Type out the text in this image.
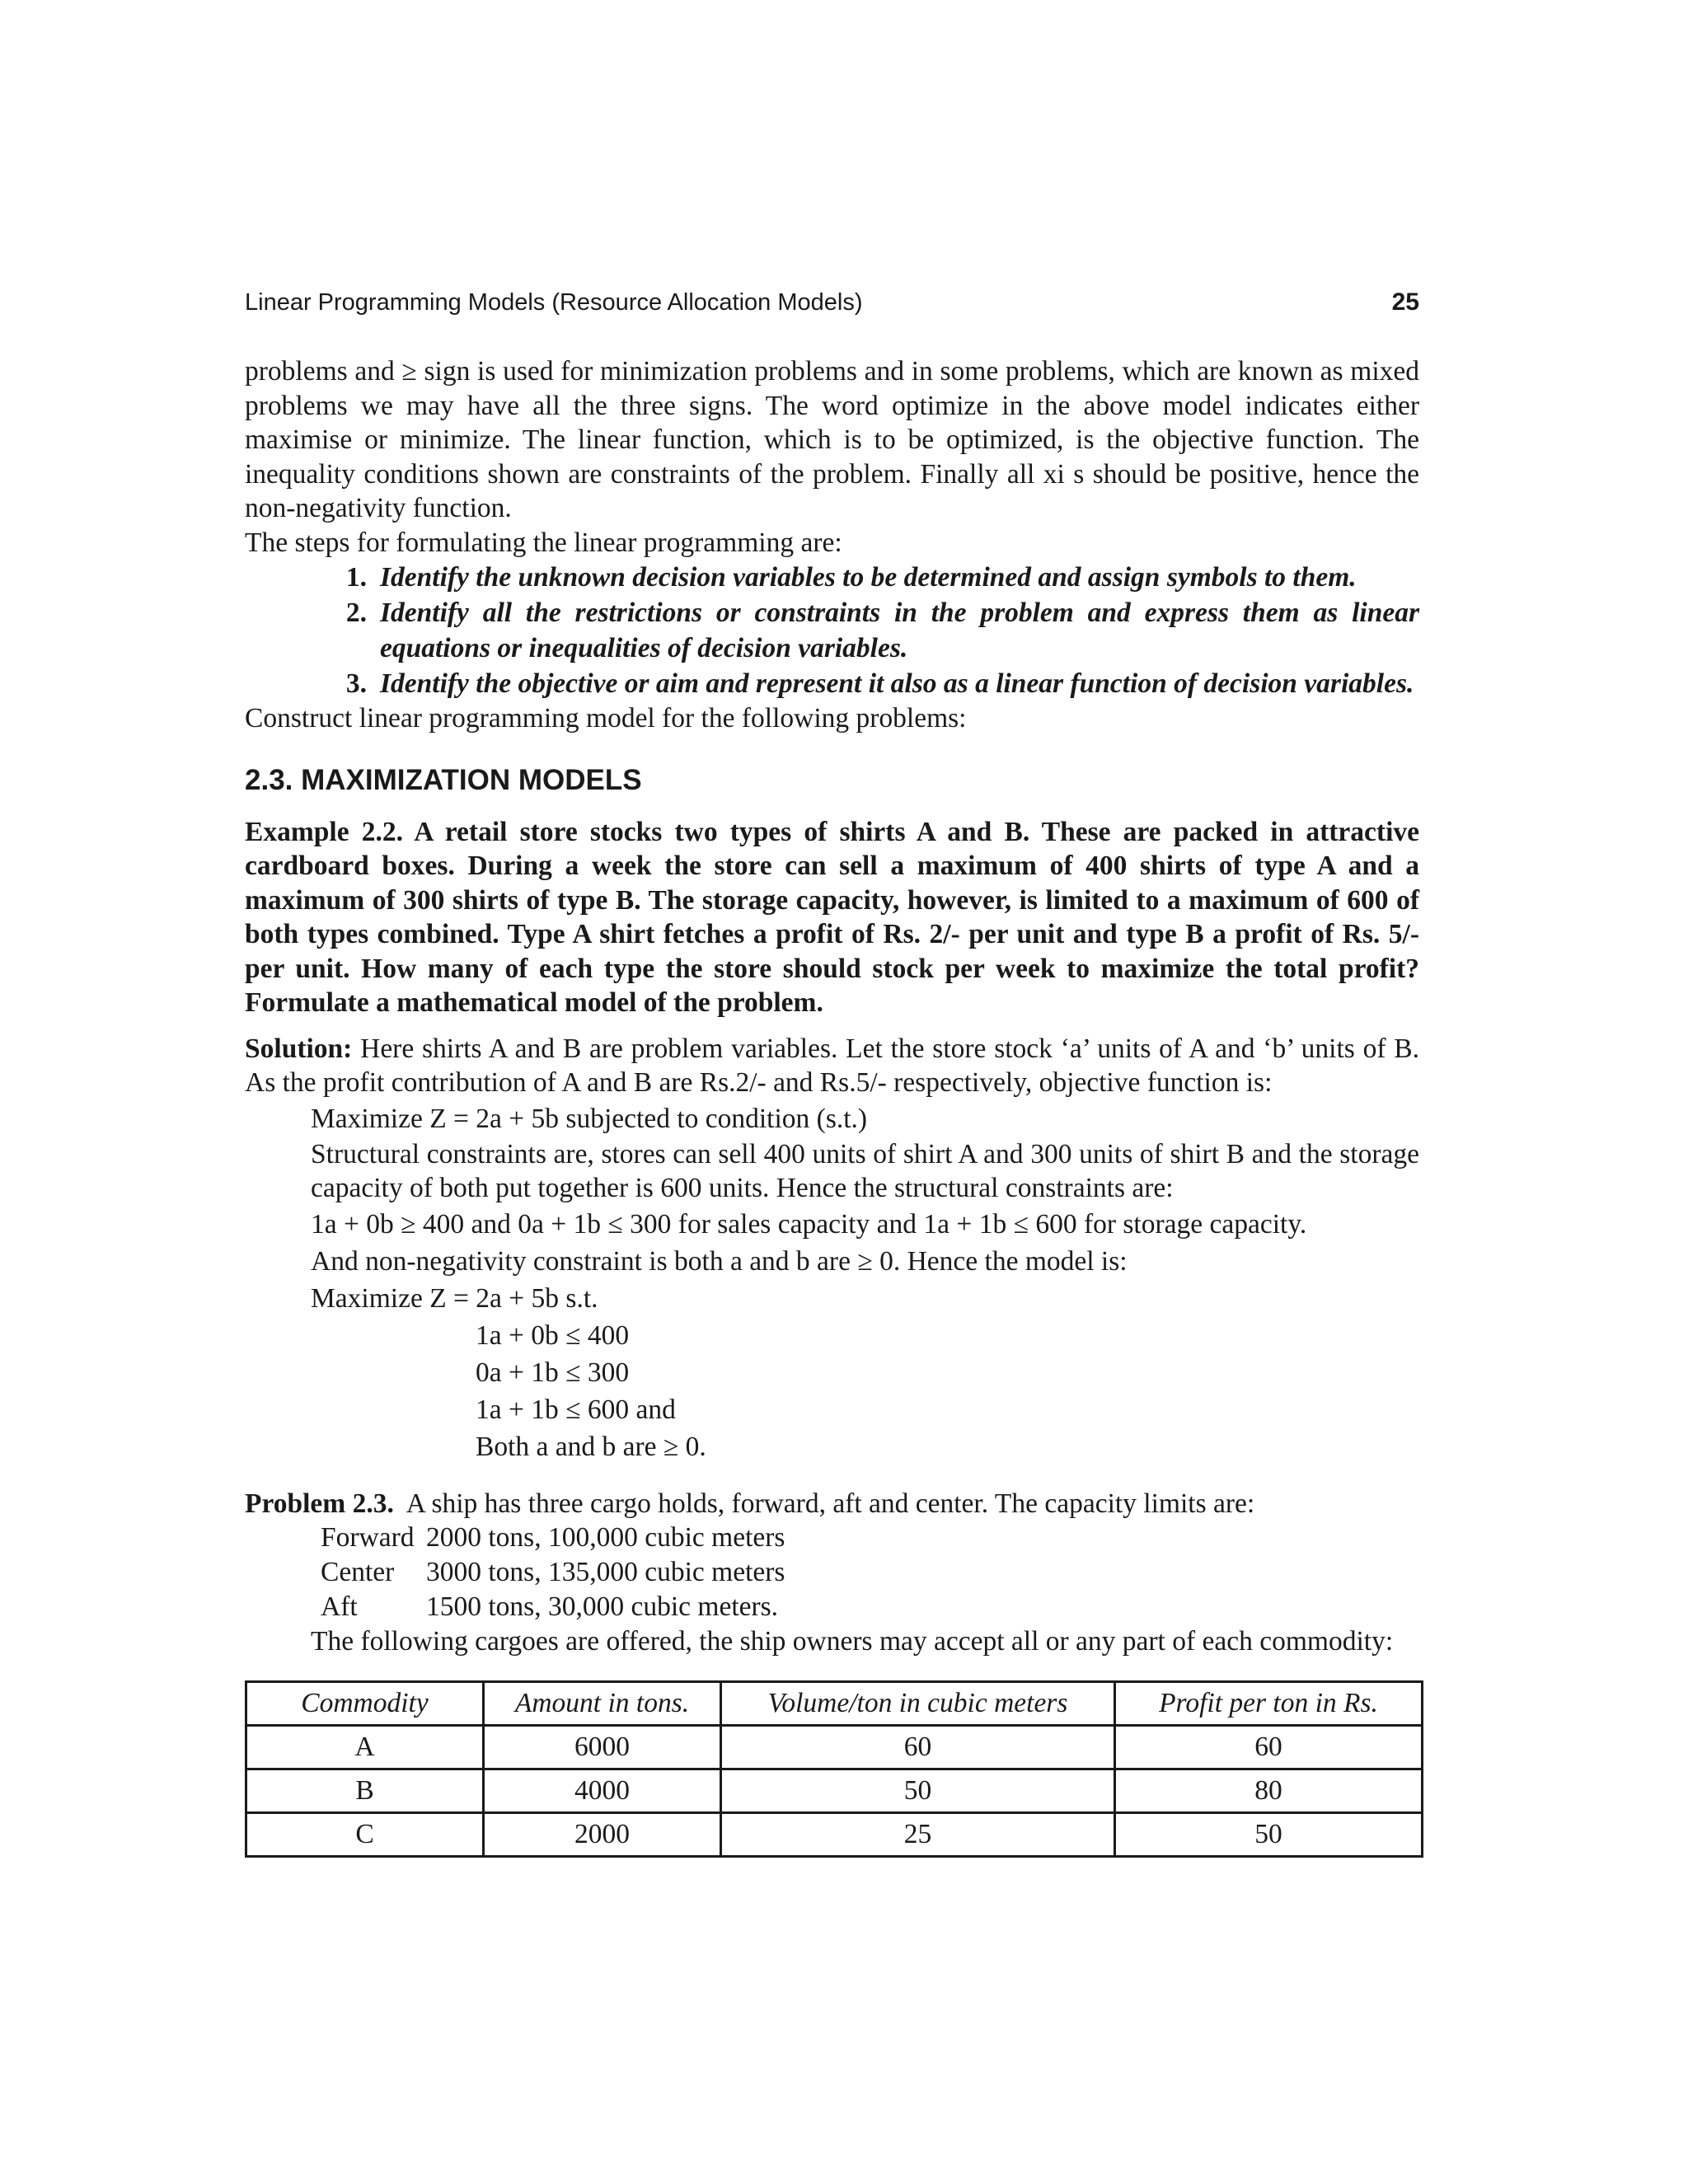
Linear Programming Models (Resource Allocation Models)	25

problems and ≥ sign is used for minimization problems and in some problems, which are known as mixed problems we may have all the three signs. The word optimize in the above model indicates either maximise or minimize. The linear function, which is to be optimized, is the objective function. The inequality conditions shown are constraints of the problem. Finally all xi s should be positive, hence the non-negativity function.

The steps for formulating the linear programming are:

1. Identify the unknown decision variables to be determined and assign symbols to them.
2. Identify all the restrictions or constraints in the problem and express them as linear equations or inequalities of decision variables.
3. Identify the objective or aim and represent it also as a linear function of decision variables.

Construct linear programming model for the following problems:

2.3. MAXIMIZATION MODELS

Example 2.2. A retail store stocks two types of shirts A and B. These are packed in attractive cardboard boxes. During a week the store can sell a maximum of 400 shirts of type A and a maximum of 300 shirts of type B. The storage capacity, however, is limited to a maximum of 600 of both types combined. Type A shirt fetches a profit of Rs. 2/- per unit and type B a profit of Rs. 5/- per unit. How many of each type the store should stock per week to maximize the total profit? Formulate a mathematical model of the problem.

Solution: Here shirts A and B are problem variables. Let the store stock ‘a’ units of A and ‘b’ units of B. As the profit contribution of A and B are Rs.2/- and Rs.5/- respectively, objective function is:

Maximize Z = 2a + 5b subjected to condition (s.t.)

Structural constraints are, stores can sell 400 units of shirt A and 300 units of shirt B and the storage capacity of both put together is 600 units. Hence the structural constraints are:

1a + 0b ≥ 400 and 0a + 1b ≤ 300 for sales capacity and 1a + 1b ≤ 600 for storage capacity.
And non-negativity constraint is both a and b are ≥ 0. Hence the model is:
Maximize Z = 2a + 5b s.t.
1a + 0b ≤ 400
0a + 1b ≤ 300
1a + 1b ≤ 600 and
Both a and b are ≥ 0.

Problem 2.3. A ship has three cargo holds, forward, aft and center. The capacity limits are:

Forward 2000 tons, 100,000 cubic meters
Center 3000 tons, 135,000 cubic meters
Aft 1500 tons, 30,000 cubic meters.

The following cargoes are offered, the ship owners may accept all or any part of each commodity:

Commodity	Amount in tons.	Volume/ton in cubic meters	Profit per ton in Rs.
A	6000	60	60
B	4000	50	80
C	2000	25	50
